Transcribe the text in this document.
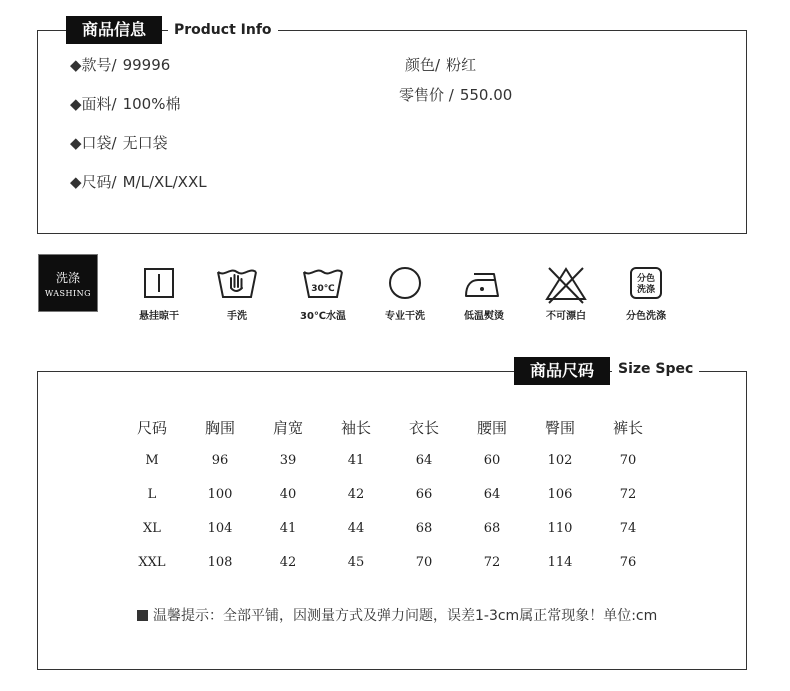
商品信息	Product Info
◆款号/ 99996
◆面料/ 100%棉
◆口袋/ 无口袋
◆尺码/ M/L/XL/XXL
颜色/ 粉红
零售价 / 550.00
洗涤
WASHING
悬挂晾干	手洗
30℃
30℃水温	专业干洗	低温熨烫	不可漂白
分色
洗涤
分色洗涤
商品尺码	Size Spec
尺码	胸围	肩宽	袖长	衣长	腰围	臀围	裤长
M	96	39	41	64	60	102	70
L	100	40	42	66	64	106	72
XL	104	41	44	68	68	110	74
XXL	108	42	45	70	72	114	76
温馨提示：全部平铺，因测量方式及弹力问题，误差1-3cm属正常现象！单位:cm
